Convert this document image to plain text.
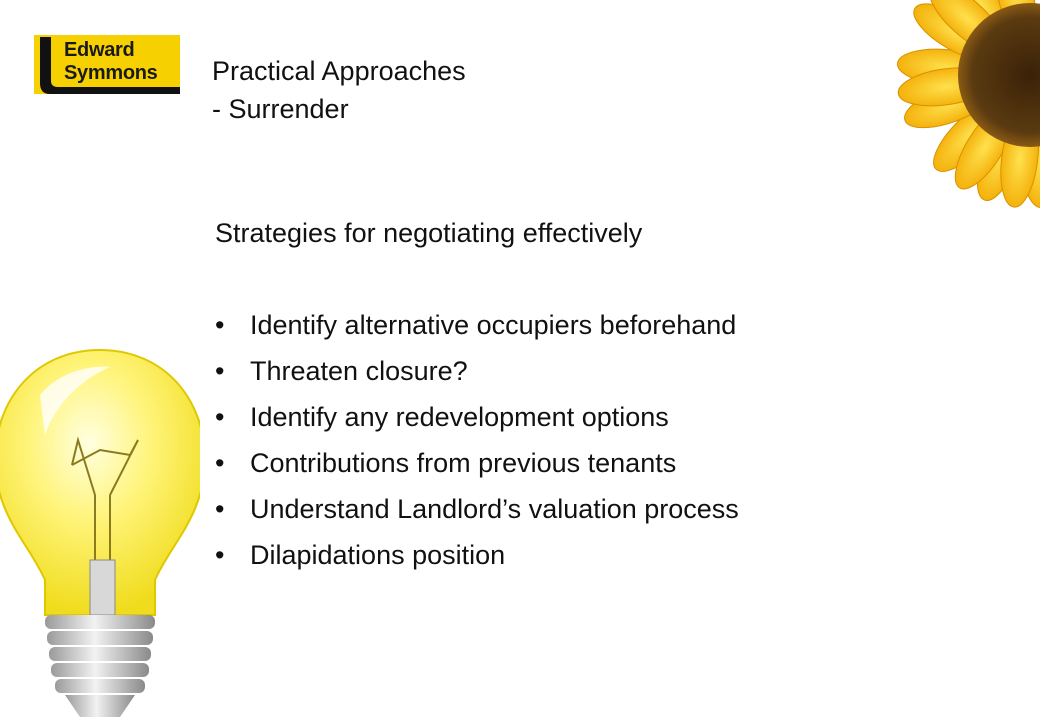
Edward
Symmons Practical Approaches
- Surrender
Strategies for negotiating effectively
• Identify alternative occupiers beforehand
• Threaten closure?
• Identify any redevelopment options
• Contributions from previous tenants
• Understand Landlord’s valuation process
• Dilapidations position
